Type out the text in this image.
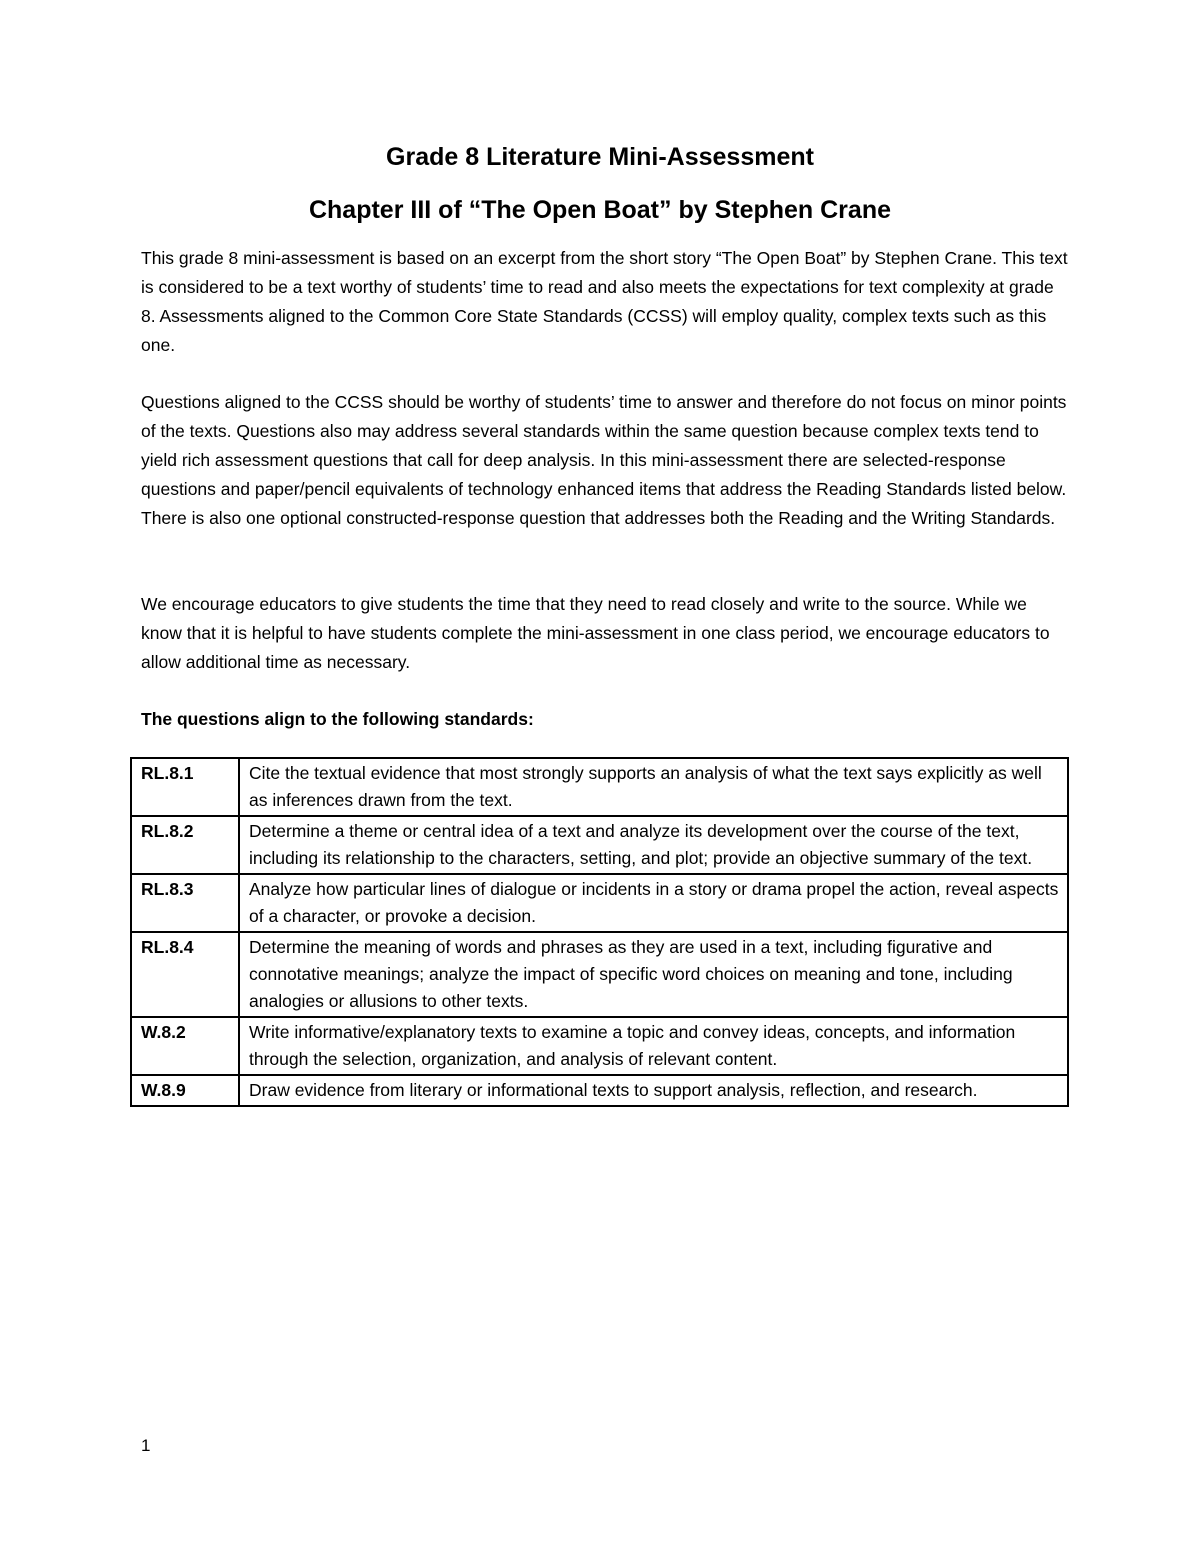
Grade 8 Literature Mini-Assessment
Chapter III of “The Open Boat” by Stephen Crane

This grade 8 mini-assessment is based on an excerpt from the short story “The Open Boat” by Stephen Crane. This text is considered to be a text worthy of students’ time to read and also meets the expectations for text complexity at grade 8. Assessments aligned to the Common Core State Standards (CCSS) will employ quality, complex texts such as this one.

Questions aligned to the CCSS should be worthy of students’ time to answer and therefore do not focus on minor points of the texts. Questions also may address several standards within the same question because complex texts tend to yield rich assessment questions that call for deep analysis. In this mini-assessment there are selected-response questions and paper/pencil equivalents of technology enhanced items that address the Reading Standards listed below. There is also one optional constructed-response question that addresses both the Reading and the Writing Standards.

We encourage educators to give students the time that they need to read closely and write to the source. While we know that it is helpful to have students complete the mini-assessment in one class period, we encourage educators to allow additional time as necessary.

The questions align to the following standards:

RL.8.1	Cite the textual evidence that most strongly supports an analysis of what the text says explicitly as well as inferences drawn from the text.
RL.8.2	Determine a theme or central idea of a text and analyze its development over the course of the text, including its relationship to the characters, setting, and plot; provide an objective summary of the text.
RL.8.3	Analyze how particular lines of dialogue or incidents in a story or drama propel the action, reveal aspects of a character, or provoke a decision.
RL.8.4	Determine the meaning of words and phrases as they are used in a text, including figurative and connotative meanings; analyze the impact of specific word choices on meaning and tone, including analogies or allusions to other texts.
W.8.2	Write informative/explanatory texts to examine a topic and convey ideas, concepts, and information through the selection, organization, and analysis of relevant content.
W.8.9	Draw evidence from literary or informational texts to support analysis, reflection, and research.

1
